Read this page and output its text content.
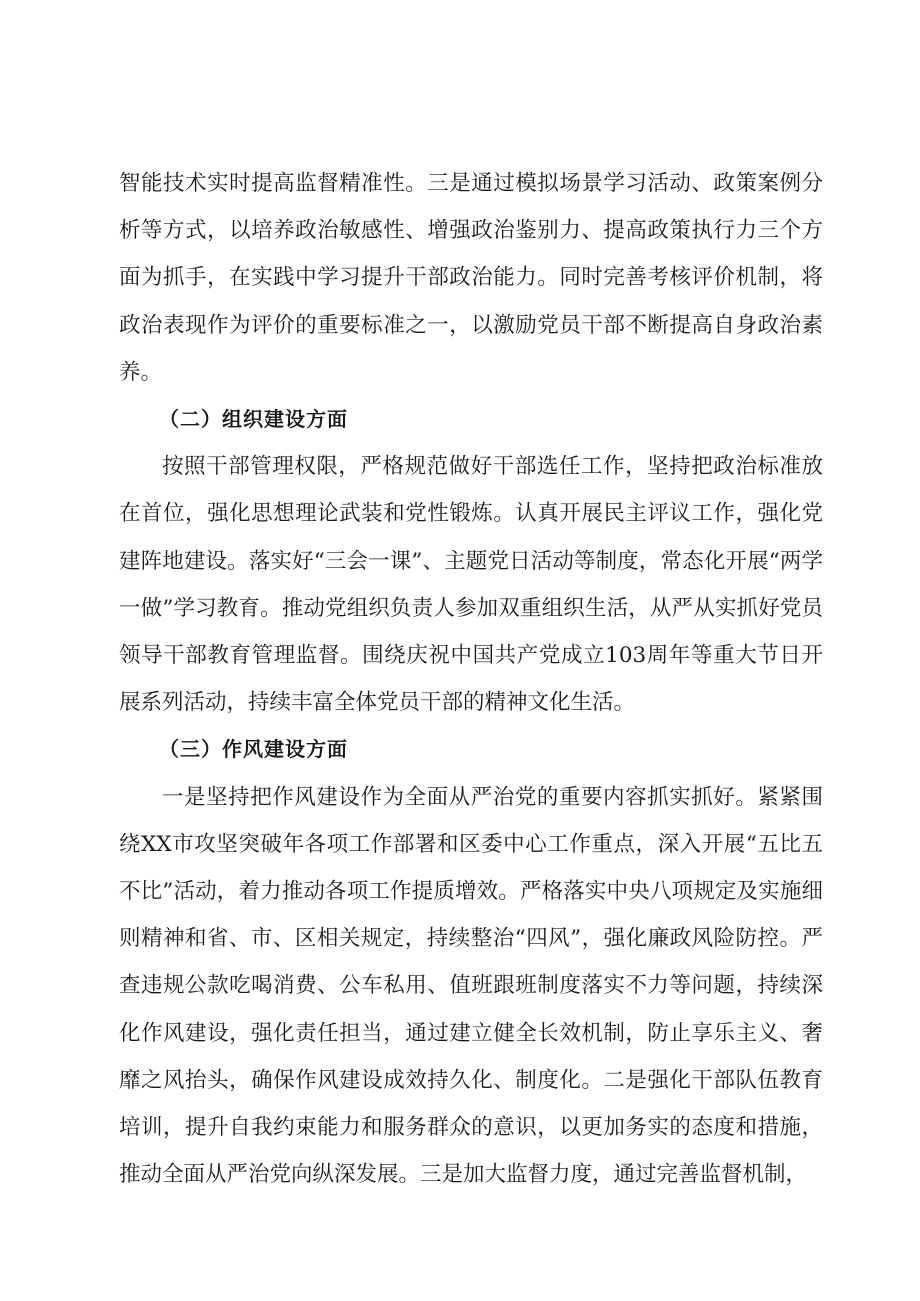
智能技术实时提高监督精准性。三是通过模拟场景学习活动、政策案例分析等方式，以培养政治敏感性、增强政治鉴别力、提高政策执行力三个方面为抓手，在实践中学习提升干部政治能力。同时完善考核评价机制，将政治表现作为评价的重要标准之一，以激励党员干部不断提高自身政治素养。

（二）组织建设方面

按照干部管理权限，严格规范做好干部选任工作，坚持把政治标准放在首位，强化思想理论武装和党性锻炼。认真开展民主评议工作，强化党建阵地建设。落实好“三会一课”、主题党日活动等制度，常态化开展“两学一做”学习教育。推动党组织负责人参加双重组织生活，从严从实抓好党员领导干部教育管理监督。围绕庆祝中国共产党成立103周年等重大节日开展系列活动，持续丰富全体党员干部的精神文化生活。

（三）作风建设方面

一是坚持把作风建设作为全面从严治党的重要内容抓实抓好。紧紧围绕XX市攻坚突破年各项工作部署和区委中心工作重点，深入开展“五比五不比”活动，着力推动各项工作提质增效。严格落实中央八项规定及实施细则精神和省、市、区相关规定，持续整治“四风”，强化廉政风险防控。严查违规公款吃喝消费、公车私用、值班跟班制度落实不力等问题，持续深化作风建设，强化责任担当，通过建立健全长效机制，防止享乐主义、奢靡之风抬头，确保作风建设成效持久化、制度化。二是强化干部队伍教育培训，提升自我约束能力和服务群众的意识，以更加务实的态度和措施，推动全面从严治党向纵深发展。三是加大监督力度，通过完善监督机制，
